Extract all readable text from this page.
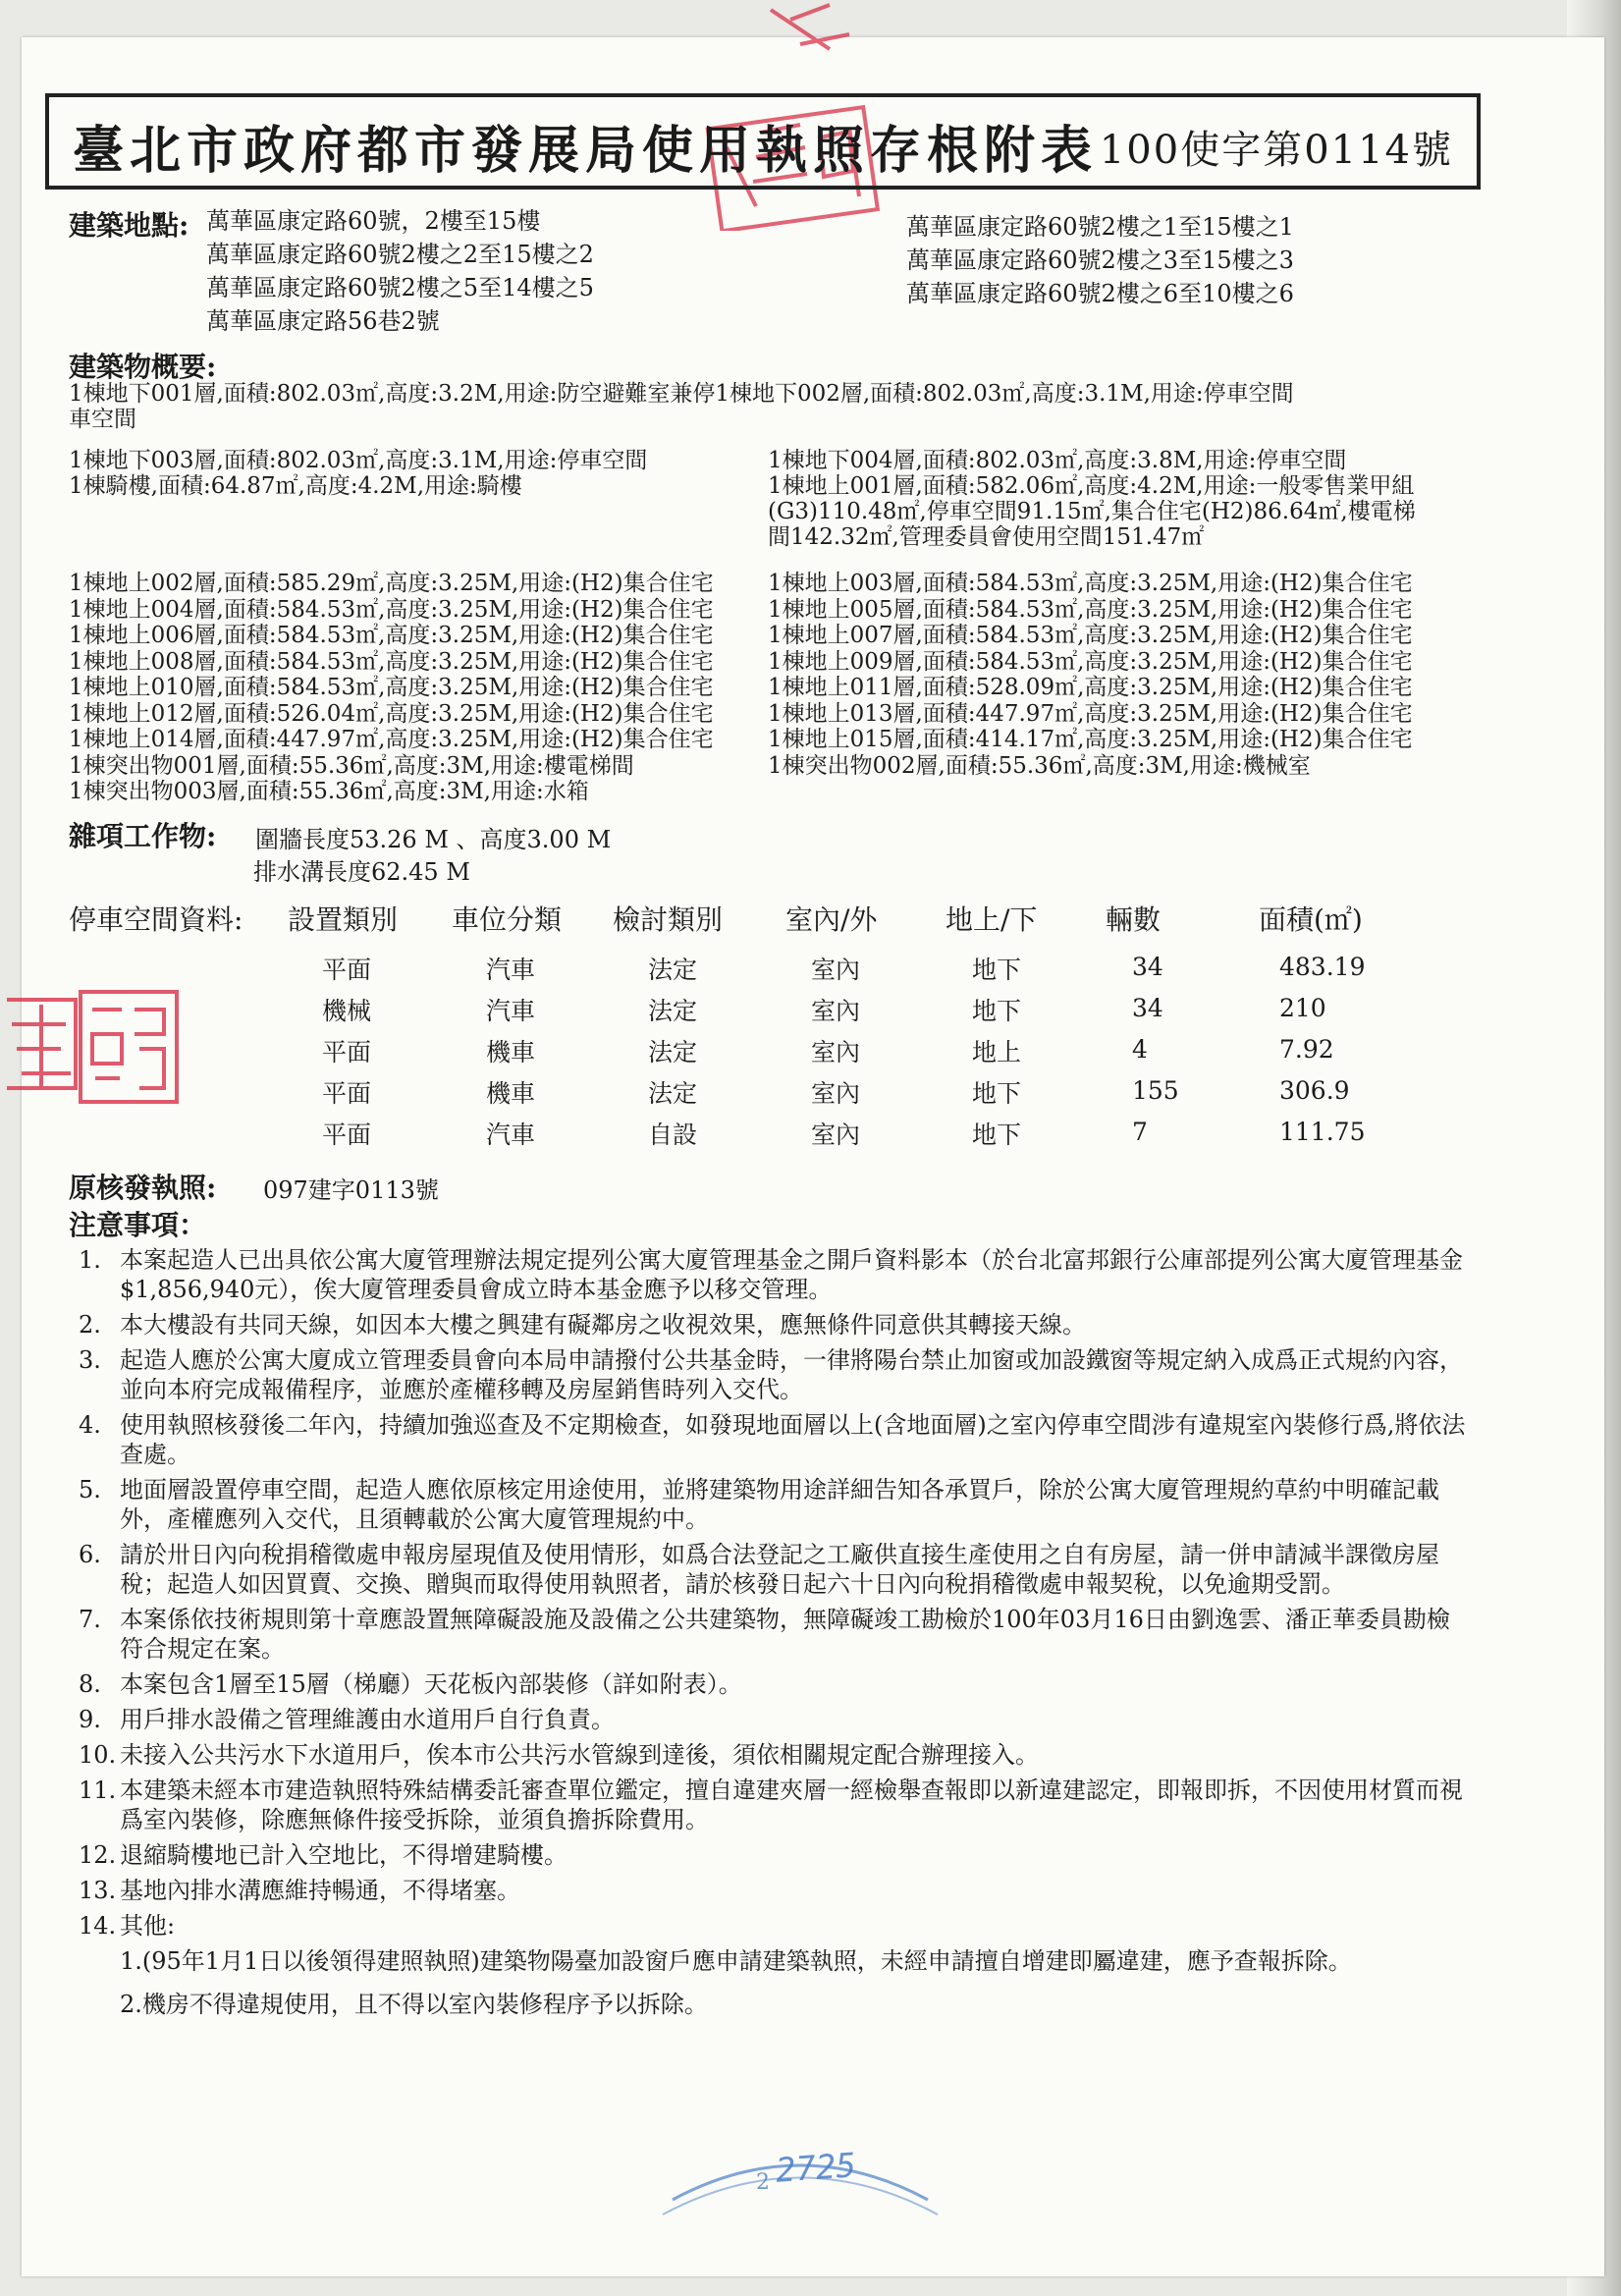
2725
2
臺北市政府都市發展局使用執照存根附表 100使字第0114號
建築地點: 萬華區康定路60號，2樓至15樓
萬華區康定路60號2樓之2至15樓之2
萬華區康定路60號2樓之5至14樓之5
萬華區康定路56巷2號
萬華區康定路60號2樓之1至15樓之1
萬華區康定路60號2樓之3至15樓之3
萬華區康定路60號2樓之6至10樓之6
建築物概要:
1棟地下001層,面積:802.03㎡,高度:3.2M,用途:防空避難室兼停1棟地下002層,面積:802.03㎡,高度:3.1M,用途:停車空間
車空間
1棟地下003層,面積:802.03㎡,高度:3.1M,用途:停車空間
1棟騎樓,面積:64.87㎡,高度:4.2M,用途:騎樓
1棟地下004層,面積:802.03㎡,高度:3.8M,用途:停車空間
1棟地上001層,面積:582.06㎡,高度:4.2M,用途:一般零售業甲組
(G3)110.48㎡,停車空間91.15㎡,集合住宅(H2)86.64㎡,樓電梯
間142.32㎡,管理委員會使用空間151.47㎡
1棟地上002層,面積:585.29㎡,高度:3.25M,用途:(H2)集合住宅
1棟地上004層,面積:584.53㎡,高度:3.25M,用途:(H2)集合住宅
1棟地上006層,面積:584.53㎡,高度:3.25M,用途:(H2)集合住宅
1棟地上008層,面積:584.53㎡,高度:3.25M,用途:(H2)集合住宅
1棟地上010層,面積:584.53㎡,高度:3.25M,用途:(H2)集合住宅
1棟地上012層,面積:526.04㎡,高度:3.25M,用途:(H2)集合住宅
1棟地上014層,面積:447.97㎡,高度:3.25M,用途:(H2)集合住宅
1棟突出物001層,面積:55.36㎡,高度:3M,用途:樓電梯間
1棟突出物003層,面積:55.36㎡,高度:3M,用途:水箱
1棟地上003層,面積:584.53㎡,高度:3.25M,用途:(H2)集合住宅
1棟地上005層,面積:584.53㎡,高度:3.25M,用途:(H2)集合住宅
1棟地上007層,面積:584.53㎡,高度:3.25M,用途:(H2)集合住宅
1棟地上009層,面積:584.53㎡,高度:3.25M,用途:(H2)集合住宅
1棟地上011層,面積:528.09㎡,高度:3.25M,用途:(H2)集合住宅
1棟地上013層,面積:447.97㎡,高度:3.25M,用途:(H2)集合住宅
1棟地上015層,面積:414.17㎡,高度:3.25M,用途:(H2)集合住宅
1棟突出物002層,面積:55.36㎡,高度:3M,用途:機械室
雜項工作物: 圍牆長度53.26 M 、高度3.00 M
排水溝長度62.45 M
停車空間資料: 設置類別 車位分類 檢討類別 室內/外 地上/下 輛數	面積(㎡)
平面	汽車	法定	室內	地下	34	483.19
機械	汽車	法定	室內	地下	34	210
平面	機車	法定	室內	地上	4	7.92
平面	機車	法定	室內	地下	155	306.9
平面	汽車	自設	室內	地下	7	111.75
原核發執照: 097建字0113號
注意事項：
1. 本案起造人已出具依公寓大廈管理辦法規定提列公寓大廈管理基金之開戶資料影本（於台北富邦銀行公庫部提列公寓大廈管理基金$1,856,940元），俟大廈管理委員會成立時本基金應予以移交管理。
2. 本大樓設有共同天線，如因本大樓之興建有礙鄰房之收視效果，應無條件同意供其轉接天線。
3. 起造人應於公寓大廈成立管理委員會向本局申請撥付公共基金時，一律將陽台禁止加窗或加設鐵窗等規定納入成爲正式規約內容，並向本府完成報備程序，並應於產權移轉及房屋銷售時列入交代。
4. 使用執照核發後二年內，持續加強巡查及不定期檢查，如發現地面層以上(含地面層)之室內停車空間涉有違規室內裝修行爲,將依法查處。
5. 地面層設置停車空間，起造人應依原核定用途使用，並將建築物用途詳細告知各承買戶，除於公寓大廈管理規約草約中明確記載外，產權應列入交代，且須轉載於公寓大廈管理規約中。
6. 請於卅日內向稅捐稽徵處申報房屋現值及使用情形，如爲合法登記之工廠供直接生產使用之自有房屋，請一併申請減半課徵房屋稅；起造人如因買賣、交換、贈與而取得使用執照者，請於核發日起六十日內向稅捐稽徵處申報契稅，以免逾期受罰。
7. 本案係依技術規則第十章應設置無障礙設施及設備之公共建築物，無障礙竣工勘檢於100年03月16日由劉逸雲、潘正華委員勘檢符合規定在案。
8. 本案包含1層至15層（梯廳）天花板內部裝修（詳如附表）。
9. 用戶排水設備之管理維護由水道用戶自行負責。
10. 未接入公共污水下水道用戶，俟本市公共污水管線到達後，須依相關規定配合辦理接入。
11. 本建築未經本市建造執照特殊結構委託審查單位鑑定，擅自違建夾層一經檢舉查報即以新違建認定，即報即拆，不因使用材質而視爲室內裝修，除應無條件接受拆除，並須負擔拆除費用。
12. 退縮騎樓地已計入空地比，不得增建騎樓。
13. 基地內排水溝應維持暢通，不得堵塞。
14. 其他:
1.(95年1月1日以後領得建照執照)建築物陽臺加設窗戶應申請建築執照，未經申請擅自增建即屬違建，應予查報拆除。
2.機房不得違規使用，且不得以室內裝修程序予以拆除。
